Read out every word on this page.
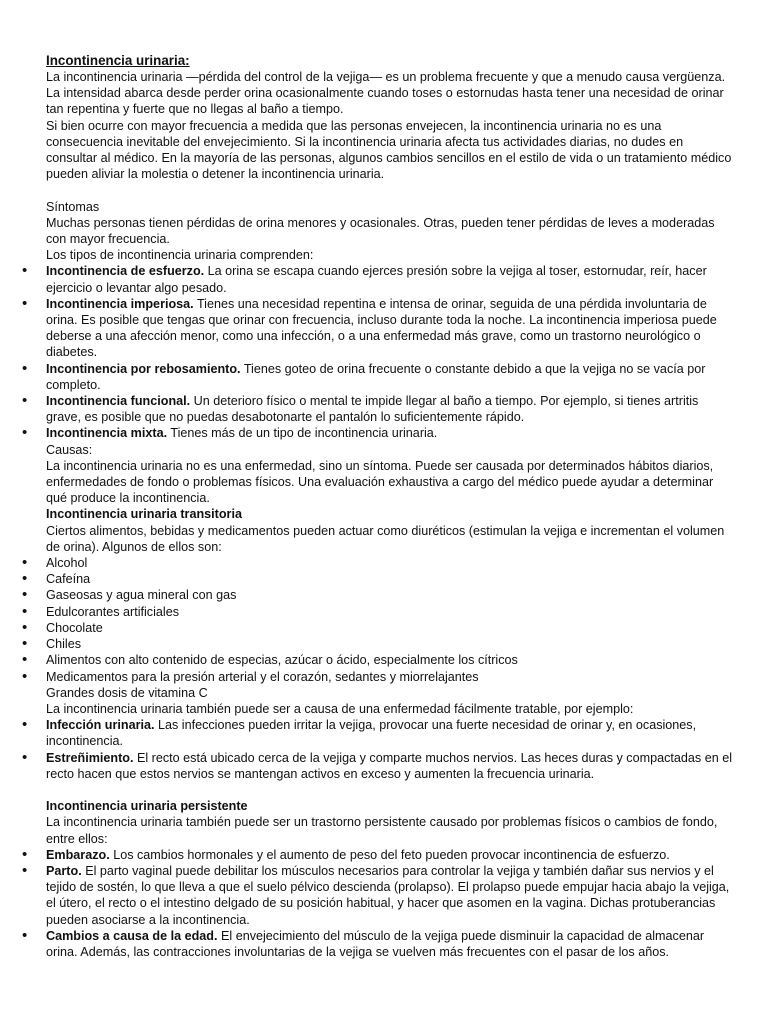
Incontinencia urinaria:

La incontinencia urinaria —pérdida del control de la vejiga— es un problema frecuente y que a menudo causa vergüenza. La intensidad abarca desde perder orina ocasionalmente cuando toses o estornudas hasta tener una necesidad de orinar tan repentina y fuerte que no llegas al baño a tiempo.

Si bien ocurre con mayor frecuencia a medida que las personas envejecen, la incontinencia urinaria no es una consecuencia inevitable del envejecimiento. Si la incontinencia urinaria afecta tus actividades diarias, no dudes en consultar al médico. En la mayoría de las personas, algunos cambios sencillos en el estilo de vida o un tratamiento médico pueden aliviar la molestia o detener la incontinencia urinaria.

Síntomas

Muchas personas tienen pérdidas de orina menores y ocasionales. Otras, pueden tener pérdidas de leves a moderadas con mayor frecuencia.

Los tipos de incontinencia urinaria comprenden:

• Incontinencia de esfuerzo. La orina se escapa cuando ejerces presión sobre la vejiga al toser, estornudar, reír, hacer ejercicio o levantar algo pesado.
• Incontinencia imperiosa. Tienes una necesidad repentina e intensa de orinar, seguida de una pérdida involuntaria de orina. Es posible que tengas que orinar con frecuencia, incluso durante toda la noche. La incontinencia imperiosa puede deberse a una afección menor, como una infección, o a una enfermedad más grave, como un trastorno neurológico o diabetes.
• Incontinencia por rebosamiento. Tienes goteo de orina frecuente o constante debido a que la vejiga no se vacía por completo.
• Incontinencia funcional. Un deterioro físico o mental te impide llegar al baño a tiempo. Por ejemplo, si tienes artritis grave, es posible que no puedas desabotonarte el pantalón lo suficientemente rápido.
• Incontinencia mixta. Tienes más de un tipo de incontinencia urinaria.

Causas:

La incontinencia urinaria no es una enfermedad, sino un síntoma. Puede ser causada por determinados hábitos diarios, enfermedades de fondo o problemas físicos. Una evaluación exhaustiva a cargo del médico puede ayudar a determinar qué produce la incontinencia.

Incontinencia urinaria transitoria

Ciertos alimentos, bebidas y medicamentos pueden actuar como diuréticos (estimulan la vejiga e incrementan el volumen de orina). Algunos de ellos son:

• Alcohol
• Cafeína
• Gaseosas y agua mineral con gas
• Edulcorantes artificiales
• Chocolate
• Chiles
• Alimentos con alto contenido de especias, azúcar o ácido, especialmente los cítricos
• Medicamentos para la presión arterial y el corazón, sedantes y miorrelajantes

Grandes dosis de vitamina C

La incontinencia urinaria también puede ser a causa de una enfermedad fácilmente tratable, por ejemplo:

• Infección urinaria. Las infecciones pueden irritar la vejiga, provocar una fuerte necesidad de orinar y, en ocasiones, incontinencia.
• Estreñimiento. El recto está ubicado cerca de la vejiga y comparte muchos nervios. Las heces duras y compactadas en el recto hacen que estos nervios se mantengan activos en exceso y aumenten la frecuencia urinaria.

Incontinencia urinaria persistente

La incontinencia urinaria también puede ser un trastorno persistente causado por problemas físicos o cambios de fondo, entre ellos:

• Embarazo. Los cambios hormonales y el aumento de peso del feto pueden provocar incontinencia de esfuerzo.
• Parto. El parto vaginal puede debilitar los músculos necesarios para controlar la vejiga y también dañar sus nervios y el tejido de sostén, lo que lleva a que el suelo pélvico descienda (prolapso). El prolapso puede empujar hacia abajo la vejiga, el útero, el recto o el intestino delgado de su posición habitual, y hacer que asomen en la vagina. Dichas protuberancias pueden asociarse a la incontinencia.
• Cambios a causa de la edad. El envejecimiento del músculo de la vejiga puede disminuir la capacidad de almacenar orina. Además, las contracciones involuntarias de la vejiga se vuelven más frecuentes con el pasar de los años.
